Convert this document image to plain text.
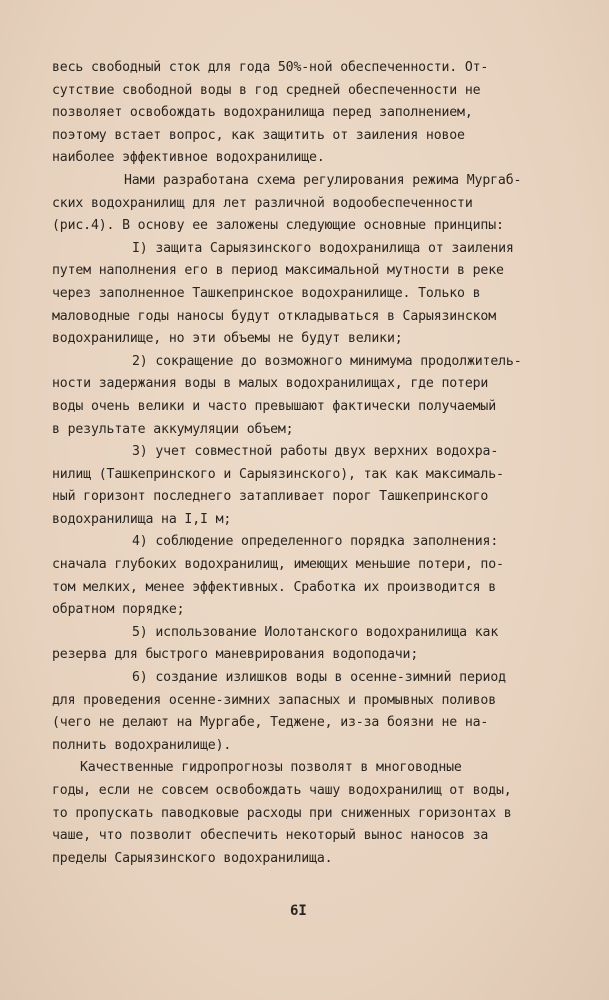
весь свободный сток для года 50%-ной обеспеченности. От-
сутствие свободной воды в год средней обеспеченности не
позволяет освобождать водохранилища перед заполнением,
поэтому встает вопрос, как защитить от заиления новое
наиболее эффективное водохранилище.
Нами разработана схема регулирования режима Мургаб-
ских водохранилищ для лет различной водообеспеченности
(рис.4). В основу ее заложены следующие основные принципы:
I) защита Сарыязинского водохранилища от заиления
путем наполнения его в период максимальной мутности в реке
через заполненное Ташкепринское водохранилище. Только в
маловодные годы наносы будут откладываться в Сарыязинском
водохранилище, но эти объемы не будут велики;
2) сокращение до возможного минимума продолжитель-
ности задержания воды в малых водохранилищах, где потери
воды очень велики и часто превышают фактически получаемый
в результате аккумуляции объем;
3) учет совместной работы двух верхних водохра-
нилищ (Ташкепринского и Сарыязинского), так как максималь-
ный горизонт последнего затапливает порог Ташкепринского
водохранилища на I,I м;
4) соблюдение определенного порядка заполнения:
сначала глубоких водохранилищ, имеющих меньшие потери, по-
том мелких, менее эффективных. Сработка их производится в
обратном порядке;
5) использование Иолотанского водохранилища как
резерва для быстрого маневрирования водоподачи;
6) создание излишков воды в осенне-зимний период
для проведения осенне-зимних запасных и промывных поливов
(чего не делают на Мургабе, Теджене, из-за боязни не на-
полнить водохранилище).
Качественные гидропрогнозы позволят в многоводные
годы, если не совсем освобождать чашу водохранилищ от воды,
то пропускать паводковые расходы при сниженных горизонтах в
чаше, что позволит обеспечить некоторый вынос наносов за
пределы Сарыязинского водохранилища.
6I
